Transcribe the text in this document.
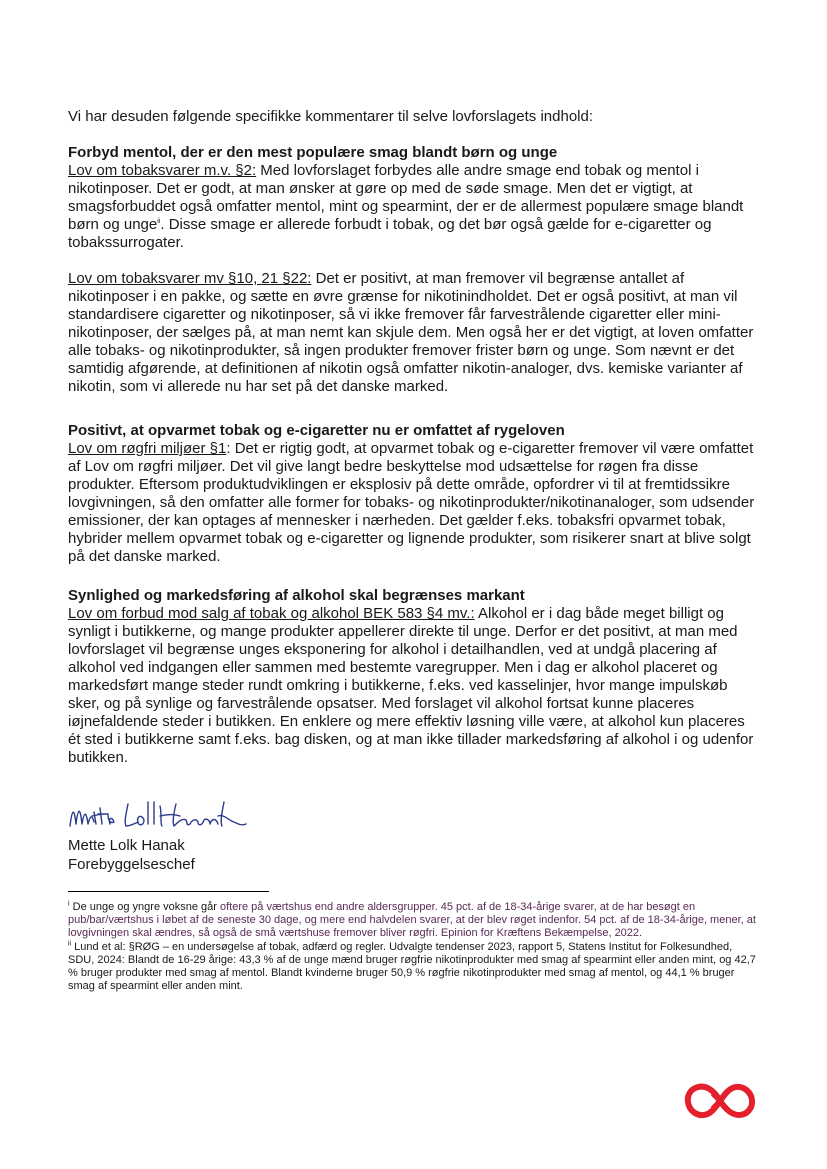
Vi har desuden følgende specifikke kommentarer til selve lovforslagets indhold:

Forbyd mentol, der er den mest populære smag blandt børn og unge

Lov om tobaksvarer m.v. §2: Med lovforslaget forbydes alle andre smage end tobak og mentol i nikotinposer. Det er godt, at man ønsker at gøre op med de søde smage. Men det er vigtigt, at smagsforbuddet også omfatter mentol, mint og spearmint, der er de allermest populære smage blandt børn og unge$^{ii}$. Disse smage er allerede forbudt i tobak, og det bør også gælde for e-cigaretter og tobakssurrogater.

Lov om tobaksvarer mv §10, 21 §22: Det er positivt, at man fremover vil begrænse antallet af nikotinposer i en pakke, og sætte en øvre grænse for nikotinindholdet. Det er også positivt, at man vil standardisere cigaretter og nikotinposer, så vi ikke fremover får farvestrålende cigaretter eller mini-nikotinposer, der sælges på, at man nemt kan skjule dem. Men også her er det vigtigt, at loven omfatter alle tobaks- og nikotinprodukter, så ingen produkter fremover frister børn og unge. Som nævnt er det samtidig afgørende, at definitionen af nikotin også omfatter nikotin-analoger, dvs. kemiske varianter af nikotin, som vi allerede nu har set på det danske marked.

Positivt, at opvarmet tobak og e-cigaretter nu er omfattet af rygeloven

Lov om røgfri miljøer §1: Det er rigtig godt, at opvarmet tobak og e-cigaretter fremover vil være omfattet af Lov om røgfri miljøer. Det vil give langt bedre beskyttelse mod udsættelse for røgen fra disse produkter. Eftersom produktudviklingen er eksplosiv på dette område, opfordrer vi til at fremtidssikre lovgivningen, så den omfatter alle former for tobaks- og nikotinprodukter/nikotinanaloger, som udsender emissioner, der kan optages af mennesker i nærheden. Det gælder f.eks. tobaksfri opvarmet tobak, hybrider mellem opvarmet tobak og e-cigaretter og lignende produkter, som risikerer snart at blive solgt på det danske marked.

Synlighed og markedsføring af alkohol skal begrænses markant

Lov om forbud mod salg af tobak og alkohol BEK 583 §4 mv.: Alkohol er i dag både meget billigt og synligt i butikkerne, og mange produkter appellerer direkte til unge. Derfor er det positivt, at man med lovforslaget vil begrænse unges eksponering for alkohol i detailhandlen, ved at undgå placering af alkohol ved indgangen eller sammen med bestemte varegrupper. Men i dag er alkohol placeret og markedsført mange steder rundt omkring i butikkerne, f.eks. ved kasselinjer, hvor mange impulskøb sker, og på synlige og farvestrålende opsatser. Med forslaget vil alkohol fortsat kunne placeres iøjnefaldende steder i butikken. En enklere og mere effektiv løsning ville være, at alkohol kun placeres ét sted i butikkerne samt f.eks. bag disken, og at man ikke tillader markedsføring af alkohol i og udenfor butikken.

Mette Lolk Hanak
Forebyggelseschef

$^i$ De unge og yngre voksne går oftere på værtshus end andre aldersgrupper. 45 pct. af de 18-34-årige svarer, at de har besøgt en pub/bar/værtshus i løbet af de seneste 30 dage, og mere end halvdelen svarer, at der blev røget indenfor. 54 pct. af de 18-34-årige, mener, at lovgivningen skal ændres, så også de små værtshuse fremover bliver røgfri. Epinion for Kræftens Bekæmpelse, 2022.

$^{ii}$ Lund et al: §RØG – en undersøgelse af tobak, adfærd og regler. Udvalgte tendenser 2023, rapport 5, Statens Institut for Folkesundhed, SDU, 2024: Blandt de 16-29 årige: 43,3 % af de unge mænd bruger røgfrie nikotinprodukter med smag af spearmint eller anden mint, og 42,7 % bruger produkter med smag af mentol. Blandt kvinderne bruger 50,9 % røgfrie nikotinprodukter med smag af mentol, og 44,1 % bruger smag af spearmint eller anden mint.
